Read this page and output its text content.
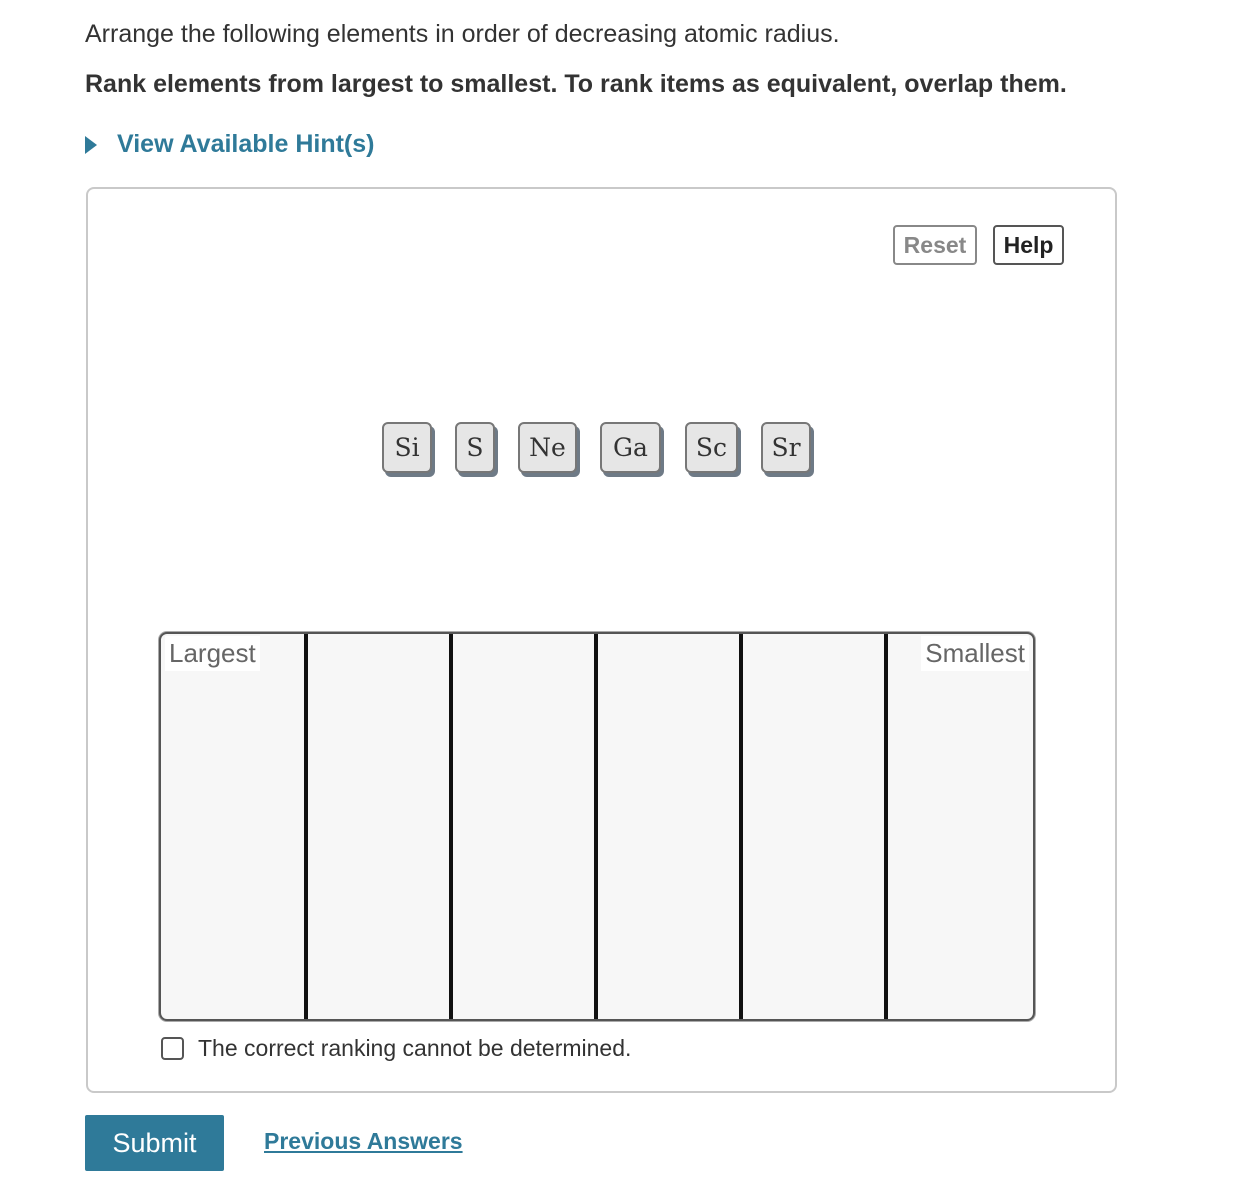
Arrange the following elements in order of decreasing atomic radius.
Rank elements from largest to smallest. To rank items as equivalent, overlap them.
View Available Hint(s)
Reset	Help
Si	S	Ne	Ga	Sc	Sr
Largest	Smallest
The correct ranking cannot be determined.
Submit	Previous Answers
